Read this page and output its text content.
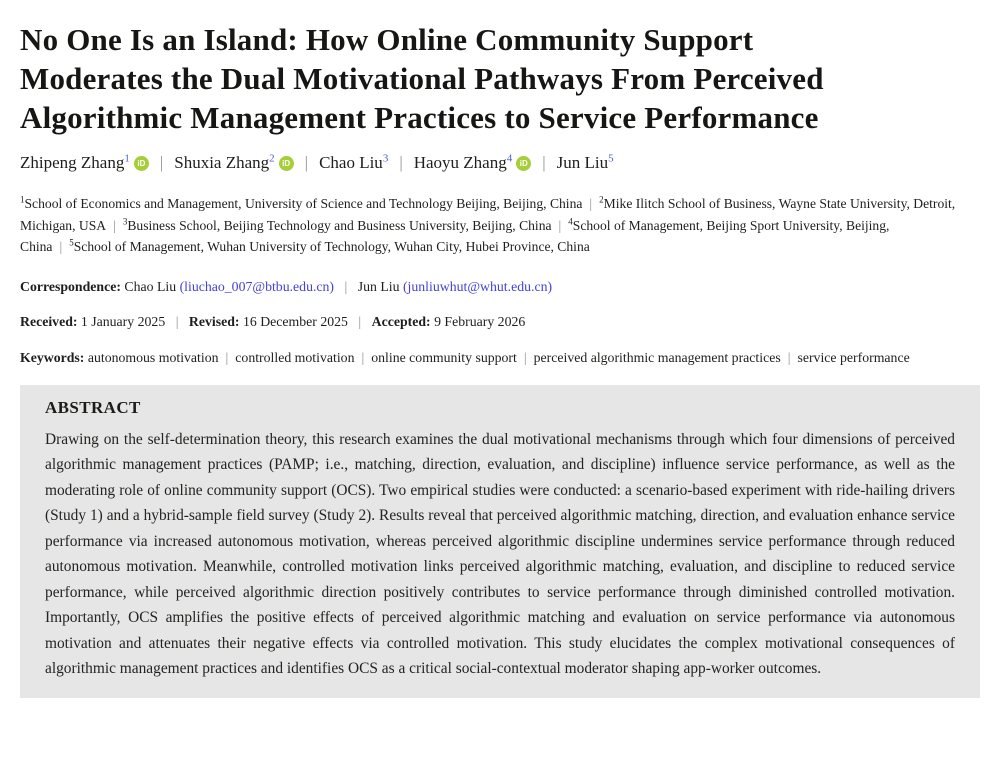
No One Is an Island: How Online Community Support
Moderates the Dual Motivational Pathways From Perceived
Algorithmic Management Practices to Service Performance
Zhipeng Zhang$^1$ iD | Shuxia Zhang$^2$ iD | Chao Liu$^3$ | Haoyu Zhang$^4$ iD | Jun Liu$^5$

$^1$School of Economics and Management, University of Science and Technology Beijing, Beijing, China | $^2$Mike Ilitch School of Business, Wayne State University, Detroit, Michigan, USA | $^3$Business School, Beijing Technology and Business University, Beijing, China | $^4$School of Management, Beijing Sport University, Beijing, China | $^5$School of Management, Wuhan University of Technology, Wuhan City, Hubei Province, China

Correspondence: Chao Liu (liuchao_007@btbu.edu.cn) | Jun Liu (junliuwhut@whut.edu.cn)

Received: 1 January 2025 | Revised: 16 December 2025 | Accepted: 9 February 2026

Keywords: autonomous motivation | controlled motivation | online community support | perceived algorithmic management practices | service performance

ABSTRACT

Drawing on the self-determination theory, this research examines the dual motivational mechanisms through which four dimensions of perceived algorithmic management practices (PAMP; i.e., matching, direction, evaluation, and discipline) influence service performance, as well as the moderating role of online community support (OCS). Two empirical studies were conducted: a scenario-based experiment with ride-hailing drivers (Study 1) and a hybrid-sample field survey (Study 2). Results reveal that perceived algorithmic matching, direction, and evaluation enhance service performance via increased autonomous motivation, whereas perceived algorithmic discipline undermines service performance through reduced autonomous motivation. Meanwhile, controlled motivation links perceived algorithmic matching, evaluation, and discipline to reduced service performance, while perceived algorithmic direction positively contributes to service performance through diminished controlled motivation. Importantly, OCS amplifies the positive effects of perceived algorithmic matching and evaluation on service performance via autonomous motivation and attenuates their negative effects via controlled motivation. This study elucidates the complex motivational consequences of algorithmic management practices and identifies OCS as a critical social-contextual moderator shaping app-worker outcomes.
